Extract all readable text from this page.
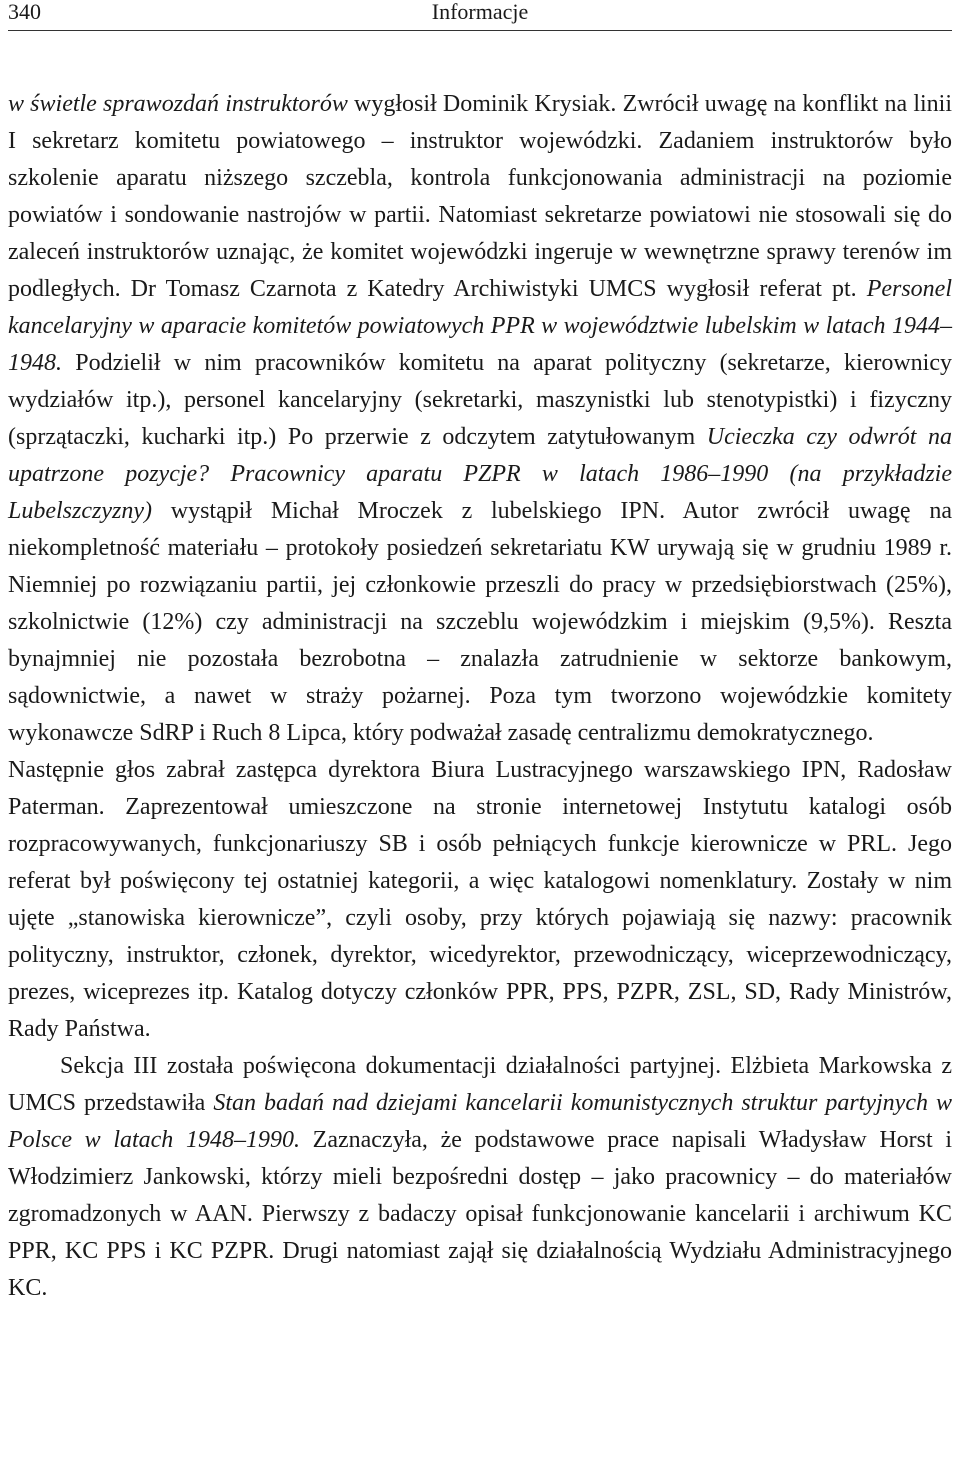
340	Informacje

w świetle sprawozdań instruktorów wygłosił Dominik Krysiak. Zwrócił uwagę na konflikt na linii I sekretarz komitetu powiatowego – instruktor wojewódzki. Zadaniem instruktorów było szkolenie aparatu niższego szczebla, kontrola funkcjonowania administracji na poziomie powiatów i sondowanie nastrojów w partii. Natomiast sekretarze powiatowi nie stosowali się do zaleceń instruktorów uznając, że komitet wojewódzki ingeruje w wewnętrzne sprawy terenów im podległych. Dr Tomasz Czarnota z Katedry Archiwistyki UMCS wygłosił referat pt. Personel kancelaryjny w aparacie komitetów powiatowych PPR w województwie lubelskim w latach 1944–1948. Podzielił w nim pracowników komitetu na aparat polityczny (sekretarze, kierownicy wydziałów itp.), personel kancelaryjny (sekretarki, maszynistki lub stenotypistki) i fizyczny (sprzątaczki, kucharki itp.) Po przerwie z odczytem zatytułowanym Ucieczka czy odwrót na upatrzone pozycje? Pracownicy aparatu PZPR w latach 1986–1990 (na przykładzie Lubelszczyzny) wystąpił Michał Mroczek z lubelskiego IPN. Autor zwrócił uwagę na niekompletność materiału – protokoły posiedzeń sekretariatu KW urywają się w grudniu 1989 r. Niemniej po rozwiązaniu partii, jej członkowie przeszli do pracy w przedsiębiorstwach (25%), szkolnictwie (12%) czy administracji na szczeblu wojewódzkim i miejskim (9,5%). Reszta bynajmniej nie pozostała bezrobotna – znalazła zatrudnienie w sektorze bankowym, sądownictwie, a nawet w straży pożarnej. Poza tym tworzono wojewódzkie komitety wykonawcze SdRP i Ruch 8 Lipca, który podważał zasadę centralizmu demokratycznego.

Następnie głos zabrał zastępca dyrektora Biura Lustracyjnego warszawskiego IPN, Radosław Paterman. Zaprezentował umieszczone na stronie internetowej Instytutu katalogi osób rozpracowywanych, funkcjonariuszy SB i osób pełniących funkcje kierownicze w PRL. Jego referat był poświęcony tej ostatniej kategorii, a więc katalogowi nomenklatury. Zostały w nim ujęte „stanowiska kierownicze”, czyli osoby, przy których pojawiają się nazwy: pracownik polityczny, instruktor, członek, dyrektor, wicedyrektor, przewodniczący, wiceprzewodniczący, prezes, wiceprezes itp. Katalog dotyczy członków PPR, PPS, PZPR, ZSL, SD, Rady Ministrów, Rady Państwa.

Sekcja III została poświęcona dokumentacji działalności partyjnej. Elżbieta Markowska z UMCS przedstawiła Stan badań nad dziejami kancelarii komunistycznych struktur partyjnych w Polsce w latach 1948–1990. Zaznaczyła, że podstawowe prace napisali Władysław Horst i Włodzimierz Jankowski, którzy mieli bezpośredni dostęp – jako pracownicy – do materiałów zgromadzonych w AAN. Pierwszy z badaczy opisał funkcjonowanie kancelarii i archiwum KC PPR, KC PPS i KC PZPR. Drugi natomiast zajął się działalnością Wydziału Administracyjnego KC.
